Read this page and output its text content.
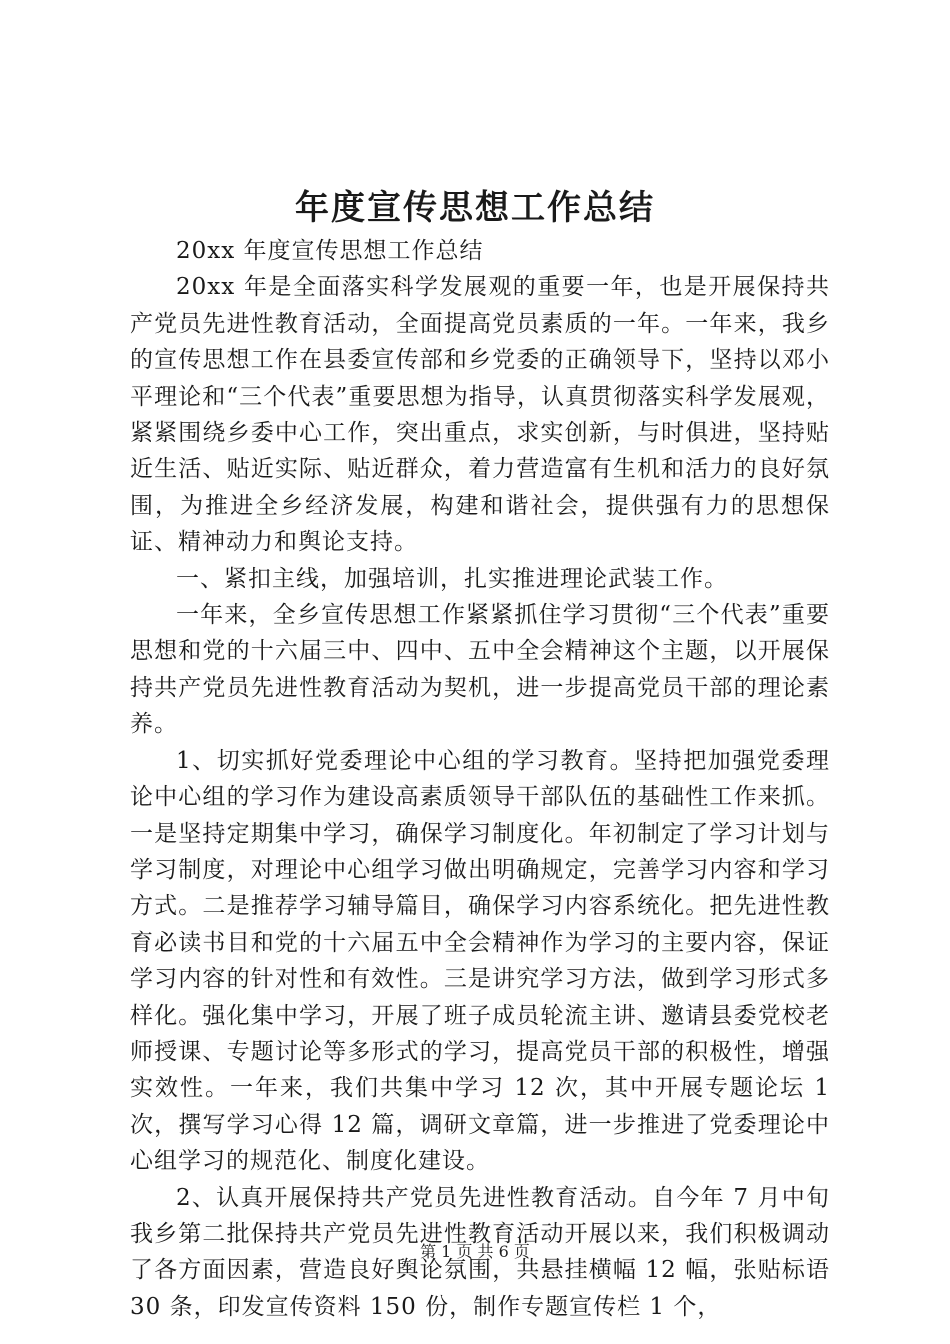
年度宣传思想工作总结

20xx 年度宣传思想工作总结

20xx 年是全面落实科学发展观的重要一年，也是开展保持共产党员先进性教育活动，全面提高党员素质的一年。一年来，我乡的宣传思想工作在县委宣传部和乡党委的正确领导下，坚持以邓小平理论和“三个代表”重要思想为指导，认真贯彻落实科学发展观，紧紧围绕乡委中心工作，突出重点，求实创新，与时俱进，坚持贴近生活、贴近实际、贴近群众，着力营造富有生机和活力的良好氛围，为推进全乡经济发展，构建和谐社会，提供强有力的思想保证、精神动力和舆论支持。

一、紧扣主线，加强培训，扎实推进理论武装工作。

一年来，全乡宣传思想工作紧紧抓住学习贯彻“三个代表”重要思想和党的十六届三中、四中、五中全会精神这个主题，以开展保持共产党员先进性教育活动为契机，进一步提高党员干部的理论素养。

1、切实抓好党委理论中心组的学习教育。坚持把加强党委理论中心组的学习作为建设高素质领导干部队伍的基础性工作来抓。一是坚持定期集中学习，确保学习制度化。年初制定了学习计划与学习制度，对理论中心组学习做出明确规定，完善学习内容和学习方式。二是推荐学习辅导篇目，确保学习内容系统化。把先进性教育必读书目和党的十六届五中全会精神作为学习的主要内容，保证学习内容的针对性和有效性。三是讲究学习方法，做到学习形式多样化。强化集中学习，开展了班子成员轮流主讲、邀请县委党校老师授课、专题讨论等多形式的学习，提高党员干部的积极性，增强实效性。一年来，我们共集中学习 12 次，其中开展专题论坛 1 次，撰写学习心得 12 篇，调研文章篇，进一步推进了党委理论中心组学习的规范化、制度化建设。

2、认真开展保持共产党员先进性教育活动。自今年 7 月中旬我乡第二批保持共产党员先进性教育活动开展以来，我们积极调动了各方面因素，营造良好舆论氛围，共悬挂横幅 12 幅，张贴标语 30 条，印发宣传资料 150 份，制作专题宣传栏 1 个，

第 1 页 共 6 页
